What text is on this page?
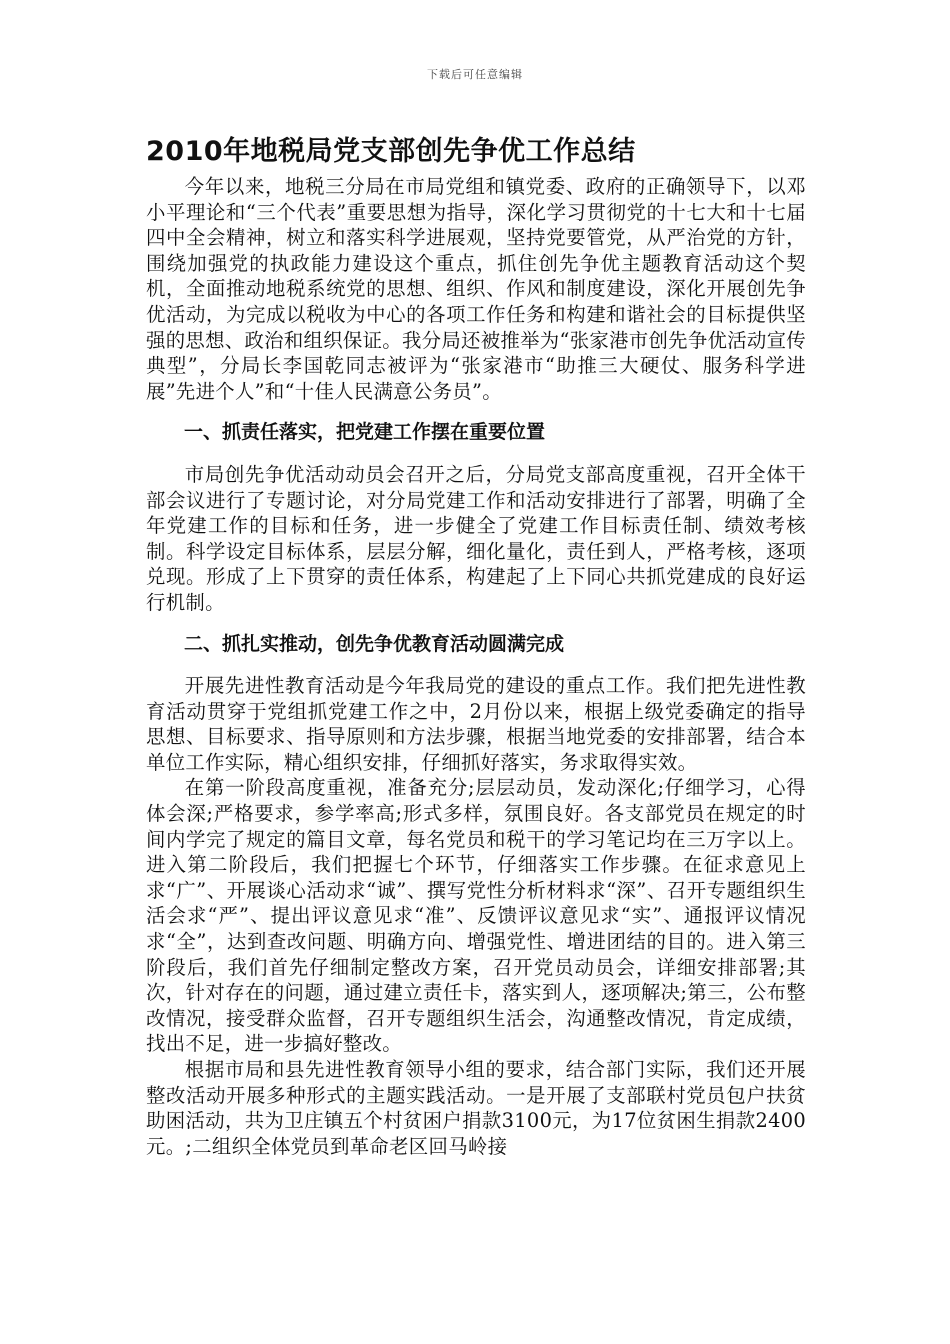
下载后可任意编辑
2010年地税局党支部创先争优工作总结

今年以来，地税三分局在市局党组和镇党委、政府的正确领导下，以邓小平理论和“三个代表”重要思想为指导，深化学习贯彻党的十七大和十七届四中全会精神，树立和落实科学进展观，坚持党要管党，从严治党的方针，围绕加强党的执政能力建设这个重点，抓住创先争优主题教育活动这个契机，全面推动地税系统党的思想、组织、作风和制度建设，深化开展创先争优活动，为完成以税收为中心的各项工作任务和构建和谐社会的目标提供坚强的思想、政治和组织保证。我分局还被推举为“张家港市创先争优活动宣传典型”，分局长李国乾同志被评为“张家港市“助推三大硬仗、服务科学进展”先进个人”和“十佳人民满意公务员”。

一、抓责任落实，把党建工作摆在重要位置

市局创先争优活动动员会召开之后，分局党支部高度重视，召开全体干部会议进行了专题讨论，对分局党建工作和活动安排进行了部署，明确了全年党建工作的目标和任务，进一步健全了党建工作目标责任制、绩效考核制。科学设定目标体系，层层分解，细化量化，责任到人，严格考核，逐项兑现。形成了上下贯穿的责任体系，构建起了上下同心共抓党建成的良好运行机制。

二、抓扎实推动，创先争优教育活动圆满完成

开展先进性教育活动是今年我局党的建设的重点工作。我们把先进性教育活动贯穿于党组抓党建工作之中，2月份以来，根据上级党委确定的指导思想、目标要求、指导原则和方法步骤，根据当地党委的安排部署，结合本单位工作实际，精心组织安排，仔细抓好落实，务求取得实效。

在第一阶段高度重视，准备充分;层层动员，发动深化;仔细学习，心得体会深;严格要求，参学率高;形式多样，氛围良好。各支部党员在规定的时间内学完了规定的篇目文章，每名党员和税干的学习笔记均在三万字以上。进入第二阶段后，我们把握七个环节，仔细落实工作步骤。在征求意见上求“广”、开展谈心活动求“诚”、撰写党性分析材料求“深”、召开专题组织生活会求“严”、提出评议意见求“准”、反馈评议意见求“实”、通报评议情况求“全”，达到查改问题、明确方向、增强党性、增进团结的目的。进入第三阶段后，我们首先仔细制定整改方案，召开党员动员会，详细安排部署;其次，针对存在的问题，通过建立责任卡，落实到人，逐项解决;第三，公布整改情况，接受群众监督，召开专题组织生活会，沟通整改情况，肯定成绩，找出不足，进一步搞好整改。

根据市局和县先进性教育领导小组的要求，结合部门实际，我们还开展整改活动开展多种形式的主题实践活动。一是开展了支部联村党员包户扶贫助困活动，共为卫庄镇五个村贫困户捐款3100元，为17位贫困生捐款2400元。;二组织全体党员到革命老区回马岭接
